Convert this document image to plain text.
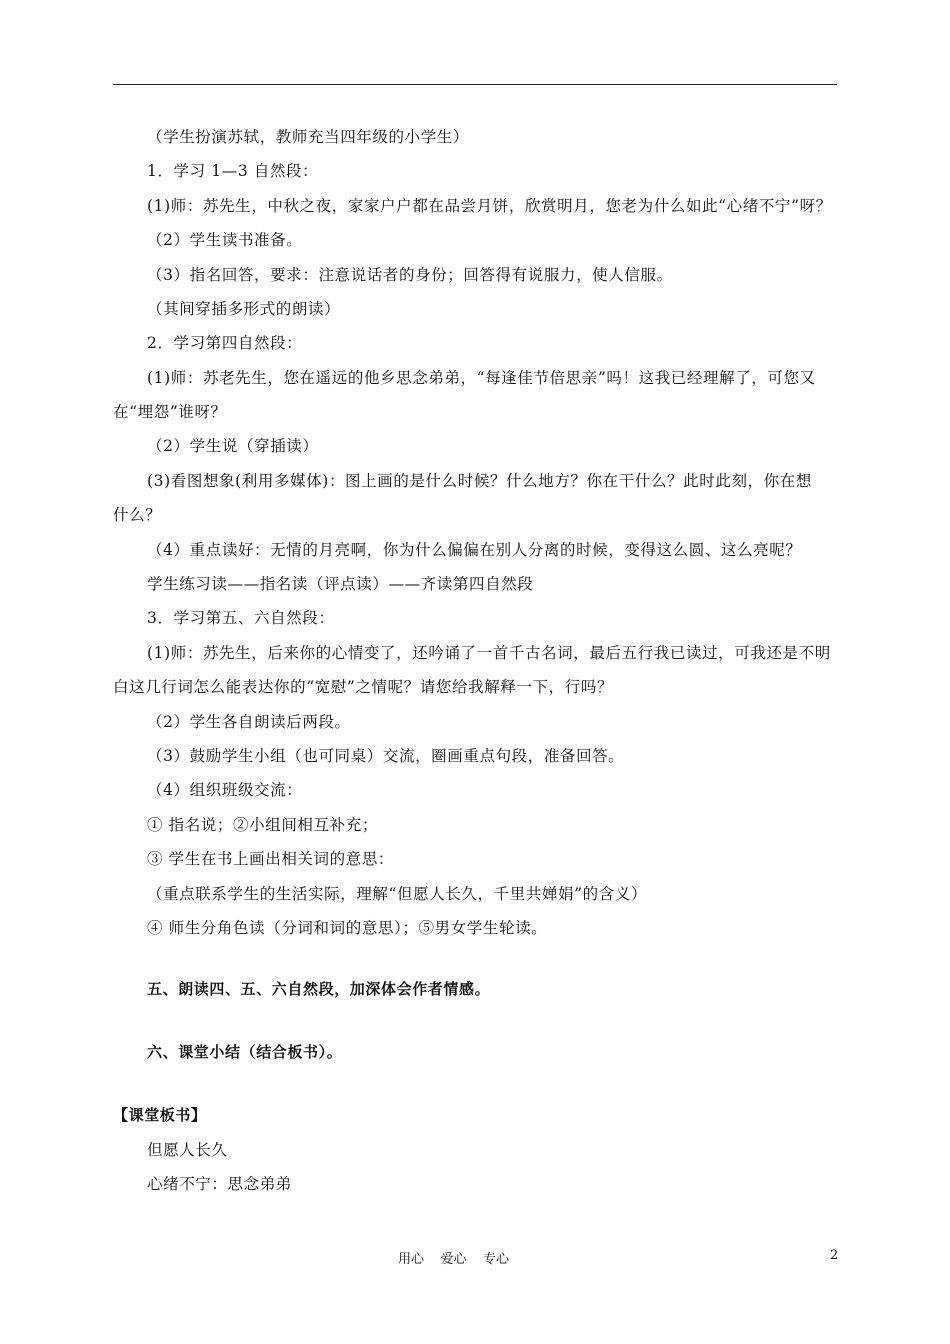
（学生扮演苏轼，教师充当四年级的小学生）
1．学习 1—3 自然段：
(1)师：苏先生，中秋之夜，家家户户都在品尝月饼，欣赏明月，您老为什么如此“心绪不宁”呀？
（2）学生读书准备。
（3）指名回答，要求：注意说话者的身份；回答得有说服力，使人信服。
（其间穿插多形式的朗读）
2．学习第四自然段：
(1)师：苏老先生，您在遥远的他乡思念弟弟，“每逢佳节倍思亲”吗！这我已经理解了，可您又
在“埋怨”谁呀？
（2）学生说（穿插读）
(3)看图想象(利用多媒体)：图上画的是什么时候？什么地方？你在干什么？此时此刻，你在想
什么？
（4）重点读好：无情的月亮啊，你为什么偏偏在别人分离的时候，变得这么圆、这么亮呢？
学生练习读——指名读（评点读）——齐读第四自然段
3．学习第五、六自然段：
(1)师：苏先生，后来你的心情变了，还吟诵了一首千古名词，最后五行我已读过，可我还是不明
白这几行词怎么能表达你的“宽慰”之情呢？请您给我解释一下，行吗？
（2）学生各自朗读后两段。
（3）鼓励学生小组（也可同桌）交流，圈画重点句段，准备回答。
（4）组织班级交流：
① 指名说；②小组间相互补充；
③ 学生在书上画出相关词的意思：
（重点联系学生的生活实际，理解“但愿人长久，千里共婵娟”的含义）
④ 师生分角色读（分词和词的意思）；⑤男女学生轮读。
五、朗读四、五、六自然段，加深体会作者情感。
六、课堂小结（结合板书）。
【课堂板书】
但愿人长久
心绪不宁：思念弟弟
用心    爱心    专心	2
